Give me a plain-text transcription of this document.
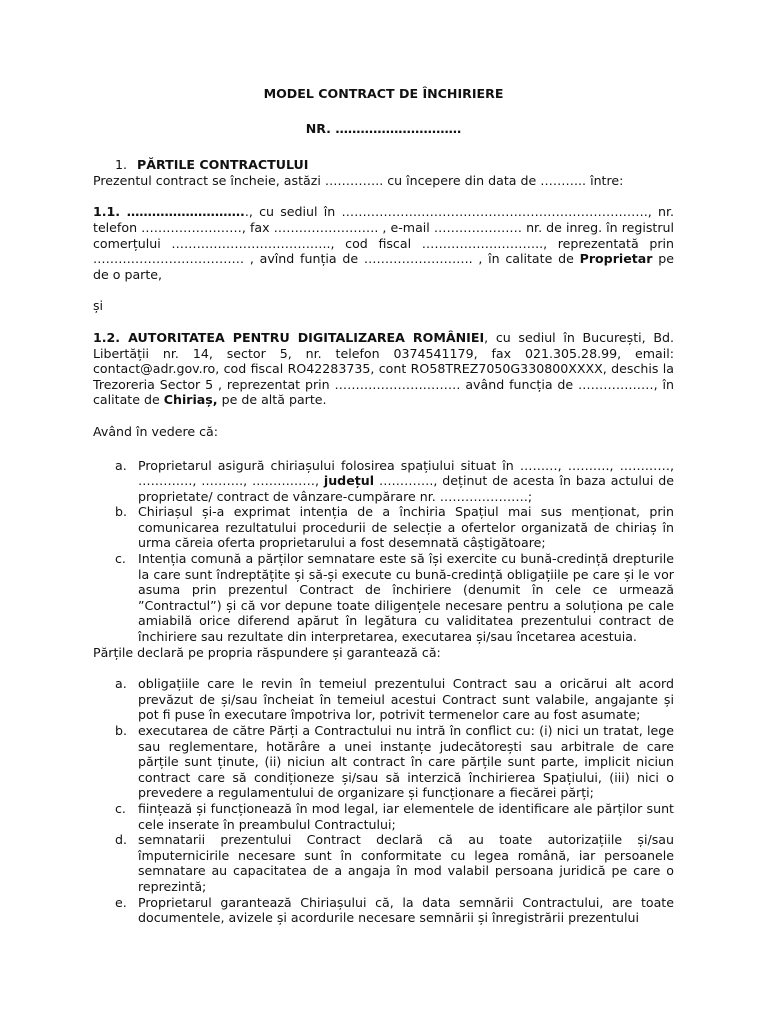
MODEL CONTRACT DE ÎNCHIRIERE

NR. …………………………

1. PĂRTILE CONTRACTULUI

Prezentul contract se încheie, astăzi ………….. cu începere din data de ……….. între:

1.1. ……………………….., cu sediul în ………………………………………………………………., nr. telefon ……………………, fax ……………………. , e-mail ………………… nr. de inreg. în registrul comerțului ……………………………….., cod fiscal ……………………….., reprezentată prin ……………………………… , avînd funția de …………………….. , în calitate de Proprietar pe de o parte,

și

1.2. AUTORITATEA PENTRU DIGITALIZAREA ROMÂNIEI, cu sediul în București, Bd. Libertății nr. 14, sector 5, nr. telefon 0374541179, fax 021.305.28.99, email: contact@adr.gov.ro, cod fiscal RO42283735, cont RO58TREZ7050G330800XXXX, deschis la Trezoreria Sector 5 , reprezentat prin ………………………… având funcția de ………………, în calitate de Chiriaș, pe de altă parte.

Având în vedere că:

a. Proprietarul asigură chiriașului folosirea spațiului situat în ………, ………., …………, …………., ………., ……………, județul …………., deținut de acesta în baza actului de proprietate/ contract de vânzare-cumpărare nr. …………………;
b. Chiriașul și-a exprimat intenția de a închiria Spațiul mai sus menționat, prin comunicarea rezultatului procedurii de selecție a ofertelor organizată de chiriaș în urma căreia oferta proprietarului a fost desemnată câștigătoare;
c. Intenția comună a părților semnatare este să își exercite cu bună-credință drepturile la care sunt îndreptățite și să-și execute cu bună-credință obligațiile pe care și le vor asuma prin prezentul Contract de închiriere (denumit în cele ce urmează ”Contractul”) și că vor depune toate diligențele necesare pentru a soluționa pe cale amiabilă orice diferend apărut în legătura cu validitatea prezentului contract de închiriere sau rezultate din interpretarea, executarea și/sau încetarea acestuia.

Părțile declară pe propria răspundere și garantează că:

a. obligațiile care le revin în temeiul prezentului Contract sau a oricărui alt acord prevăzut de și/sau încheiat în temeiul acestui Contract sunt valabile, angajante și pot fi puse în executare împotriva lor, potrivit termenelor care au fost asumate;
b. executarea de către Părți a Contractului nu intră în conflict cu: (i) nici un tratat, lege sau reglementare, hotărâre a unei instanțe judecătorești sau arbitrale de care părțile sunt ținute, (ii) niciun alt contract în care părțile sunt parte, implicit niciun contract care să condiționeze și/sau să interzică închirierea Spațiului, (iii) nici o prevedere a regulamentului de organizare și funcționare a fiecărei părți;
c. ființează și funcționează în mod legal, iar elementele de identificare ale părților sunt cele inserate în preambulul Contractului;
d. semnatarii prezentului Contract declară că au toate autorizațiile și/sau împuternicirile necesare sunt în conformitate cu legea română, iar persoanele semnatare au capacitatea de a angaja în mod valabil persoana juridică pe care o reprezintă;
e. Proprietarul garantează Chiriașului că, la data semnării Contractului, are toate documentele, avizele și acordurile necesare semnării și înregistrării prezentului
